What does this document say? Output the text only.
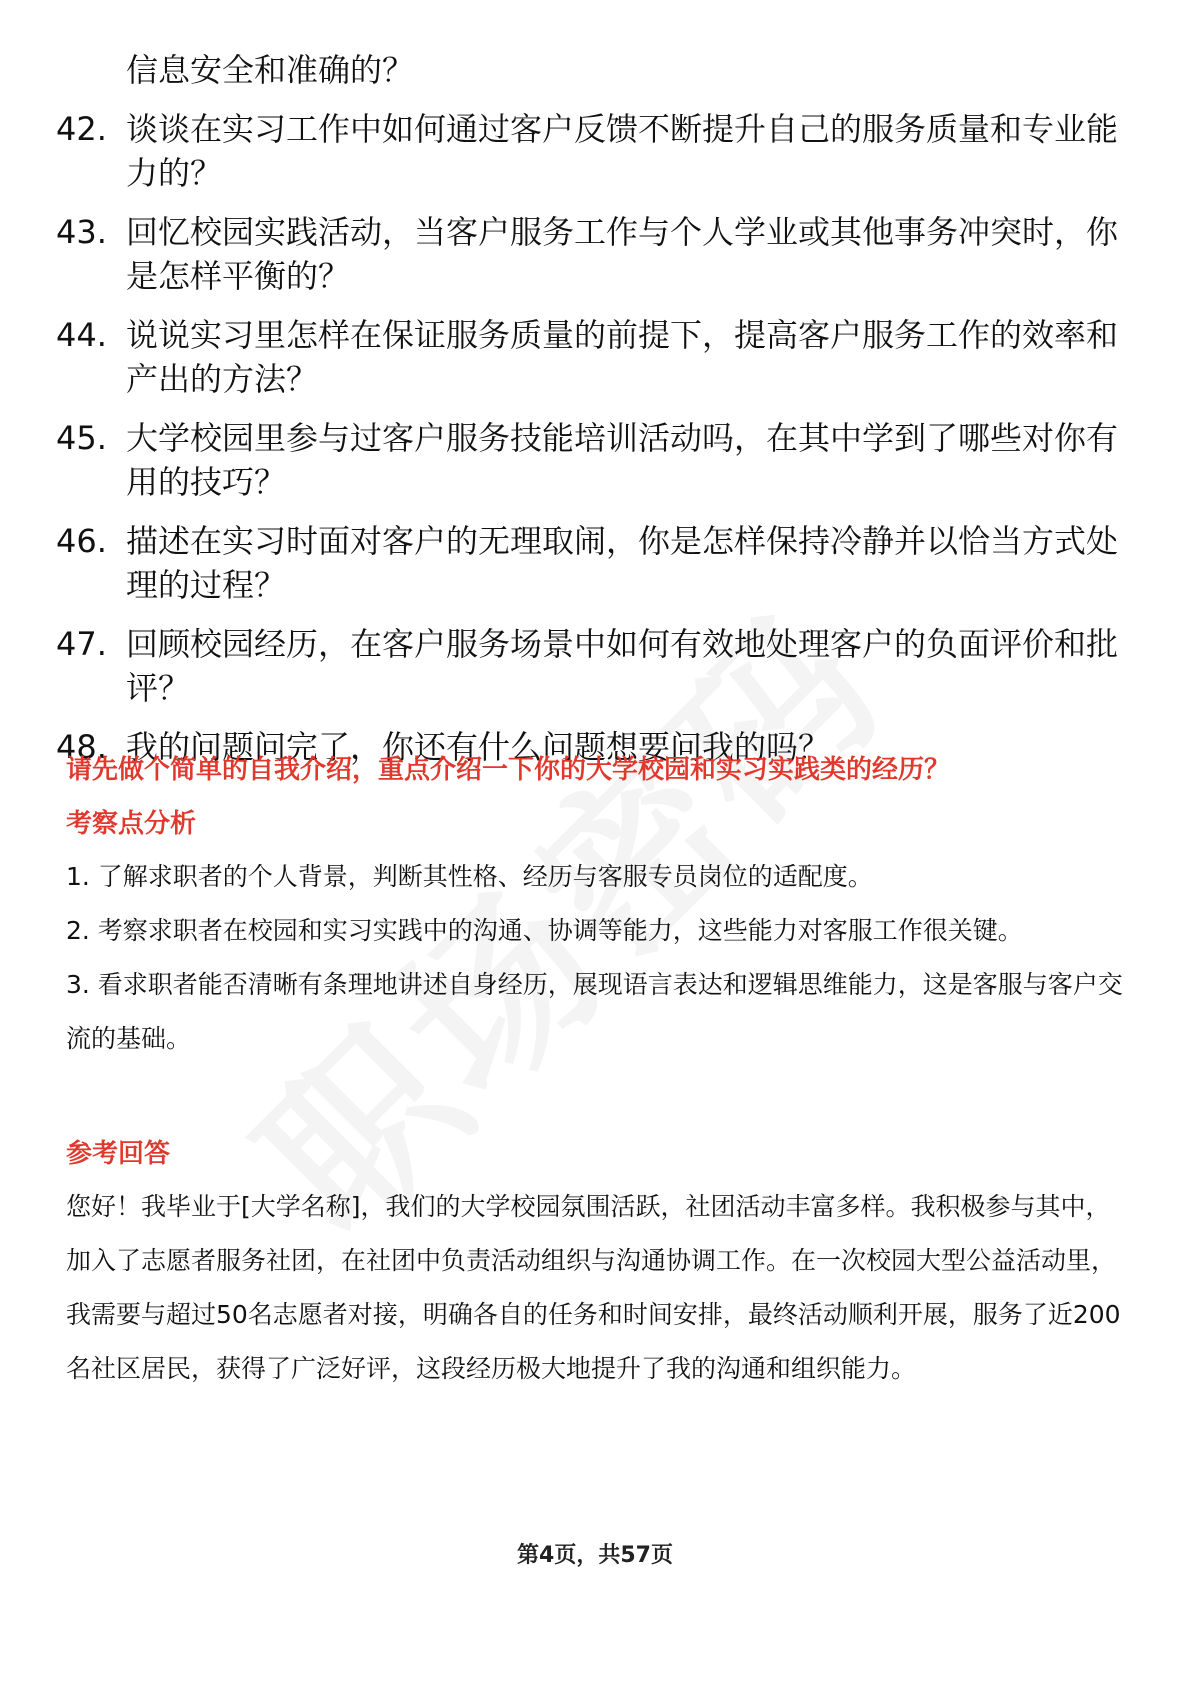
信息安全和准确的？
42. 谈谈在实习工作中如何通过客户反馈不断提升自己的服务质量和专业能力的？
43. 回忆校园实践活动，当客户服务工作与个人学业或其他事务冲突时，你是怎样平衡的？
44. 说说实习里怎样在保证服务质量的前提下，提高客户服务工作的效率和产出的方法？
45. 大学校园里参与过客户服务技能培训活动吗，在其中学到了哪些对你有用的技巧？
46. 描述在实习时面对客户的无理取闹，你是怎样保持冷静并以恰当方式处理的过程？
47. 回顾校园经历，在客户服务场景中如何有效地处理客户的负面评价和批评？
48. 我的问题问完了，你还有什么问题想要问我的吗？

请先做个简单的自我介绍，重点介绍一下你的大学校园和实习实践类的经历？

考察点分析

1. 了解求职者的个人背景，判断其性格、经历与客服专员岗位的适配度。

2. 考察求职者在校园和实习实践中的沟通、协调等能力，这些能力对客服工作很关键。

3. 看求职者能否清晰有条理地讲述自身经历，展现语言表达和逻辑思维能力，这是客服与客户交流的基础。

参考回答

您好！我毕业于[大学名称]，我们的大学校园氛围活跃，社团活动丰富多样。我积极参与其中，加入了志愿者服务社团，在社团中负责活动组织与沟通协调工作。在一次校园大型公益活动里，我需要与超过50名志愿者对接，明确各自的任务和时间安排，最终活动顺利开展，服务了近200名社区居民，获得了广泛好评，这段经历极大地提升了我的沟通和组织能力。

第4页，共57页
